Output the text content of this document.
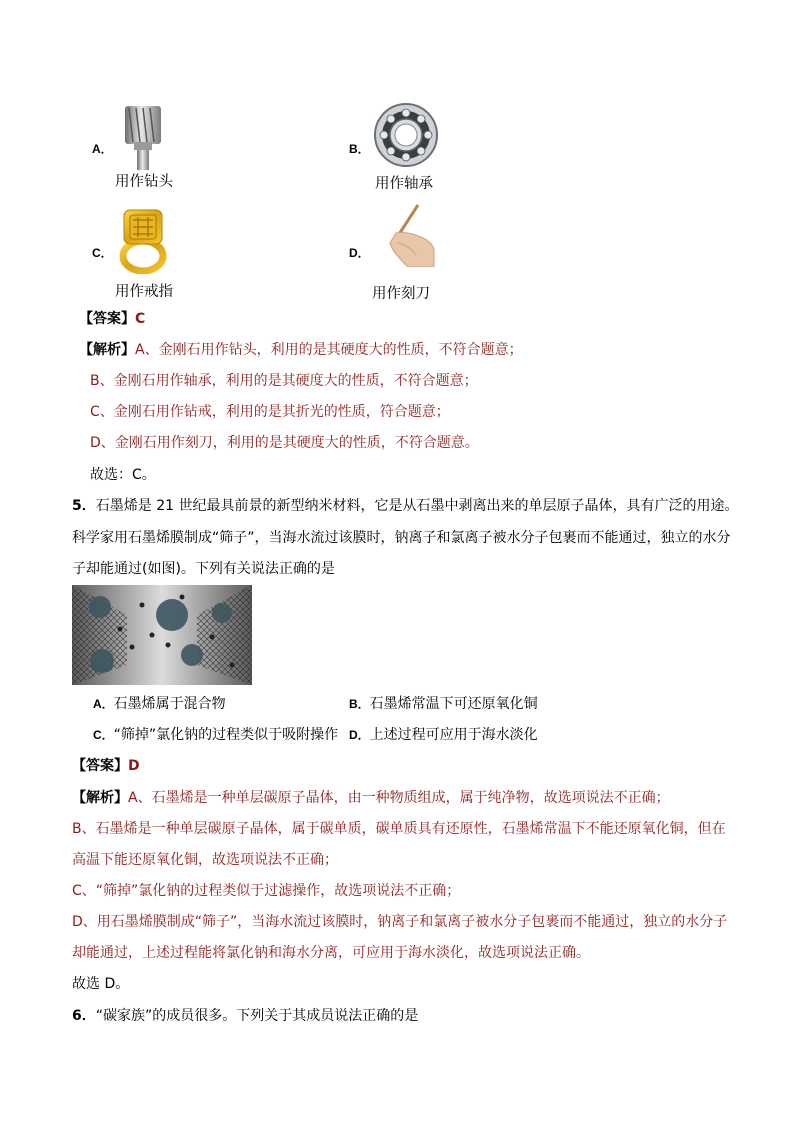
A．
用作钻头
B．
用作轴承
C．
用作戒指
D．
用作刻刀
【答案】C
【解析】A、金刚石用作钻头，利用的是其硬度大的性质，不符合题意；
B、金刚石用作轴承，利用的是其硬度大的性质，不符合题意；
C、金刚石用作钻戒，利用的是其折光的性质，符合题意；
D、金刚石用作刻刀，利用的是其硬度大的性质，不符合题意。
故选：C。
5．石墨烯是 21 世纪最具前景的新型纳米材料，它是从石墨中剥离出来的单层原子晶体，具有广泛的用途。
科学家用石墨烯膜制成“筛子”，当海水流过该膜时，钠离子和氯离子被水分子包裹而不能通过，独立的水分
子却能通过(如图)。下列有关说法正确的是
A．石墨烯属于混合物	B．石墨烯常温下可还原氧化铜
C．“筛掉”氯化钠的过程类似于吸附操作 D．上述过程可应用于海水淡化
【答案】D
【解析】A、石墨烯是一种单层碳原子晶体，由一种物质组成，属于纯净物，故选项说法不正确；
B、石墨烯是一种单层碳原子晶体，属于碳单质，碳单质具有还原性，石墨烯常温下不能还原氧化铜，但在
高温下能还原氧化铜，故选项说法不正确；
C、“筛掉”氯化钠的过程类似于过滤操作，故选项说法不正确；
D、用石墨烯膜制成“筛子”，当海水流过该膜时，钠离子和氯离子被水分子包裹而不能通过，独立的水分子
却能通过，上述过程能将氯化钠和海水分离，可应用于海水淡化，故选项说法正确。
故选 D。
6．“碳家族”的成员很多。下列关于其成员说法正确的是
